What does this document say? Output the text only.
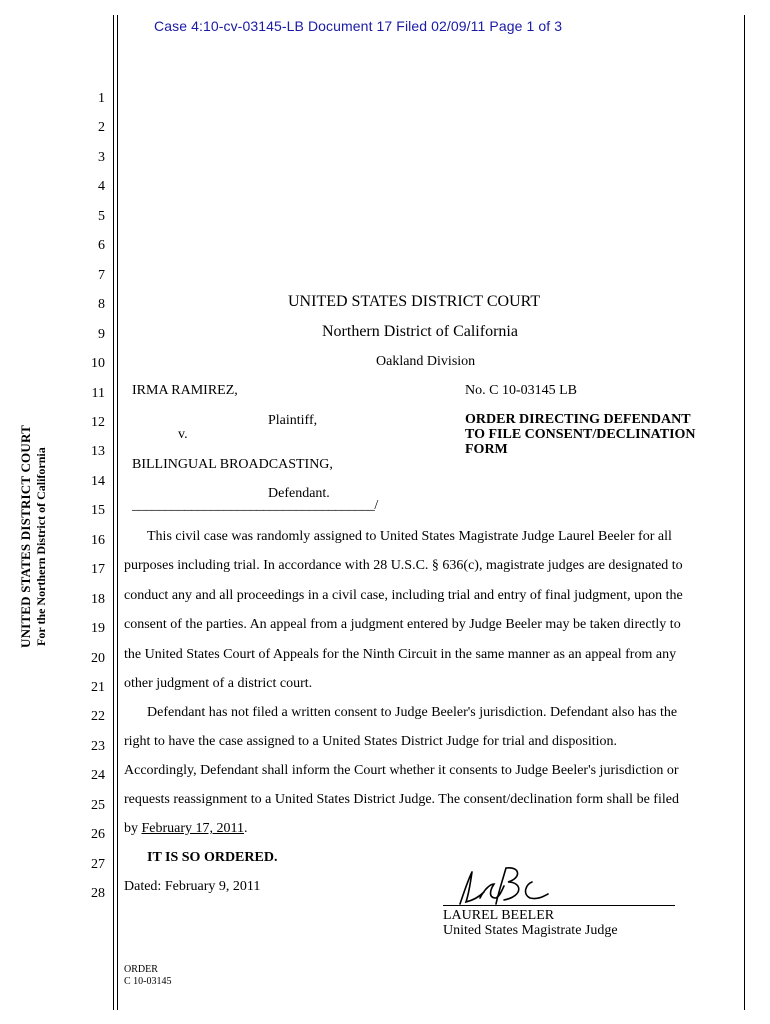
Case 4:10-cv-03145-LB Document 17 Filed 02/09/11 Page 1 of 3
UNITED STATES DISTRICT COURT For the Northern District of California
1
2
3
4
5
6
7
8
9
10
11
12
13
14
15
16
17
18
19
20
21
22
23
24
25
26
27
28
UNITED STATES DISTRICT COURT
Northern District of California
Oakland Division
IRMA RAMIREZ,	No. C 10-03145 LB
Plaintiff,
v.
BILLINGUAL BROADCASTING,
Defendant.
_____________________________________/
ORDER DIRECTING DEFENDANT
TO FILE CONSENT/DECLINATION
FORM
This civil case was randomly assigned to United States Magistrate Judge Laurel Beeler for all
purposes including trial. In accordance with 28 U.S.C. § 636(c), magistrate judges are designated to
conduct any and all proceedings in a civil case, including trial and entry of final judgment, upon the
consent of the parties. An appeal from a judgment entered by Judge Beeler may be taken directly to
the United States Court of Appeals for the Ninth Circuit in the same manner as an appeal from any
other judgment of a district court.
Defendant has not filed a written consent to Judge Beeler's jurisdiction. Defendant also has the
right to have the case assigned to a United States District Judge for trial and disposition.
Accordingly, Defendant shall inform the Court whether it consents to Judge Beeler's jurisdiction or
requests reassignment to a United States District Judge. The consent/declination form shall be filed
by February 17, 2011.
IT IS SO ORDERED.
Dated: February 9, 2011
LAUREL BEELER
United States Magistrate Judge
ORDER
C 10-03145
